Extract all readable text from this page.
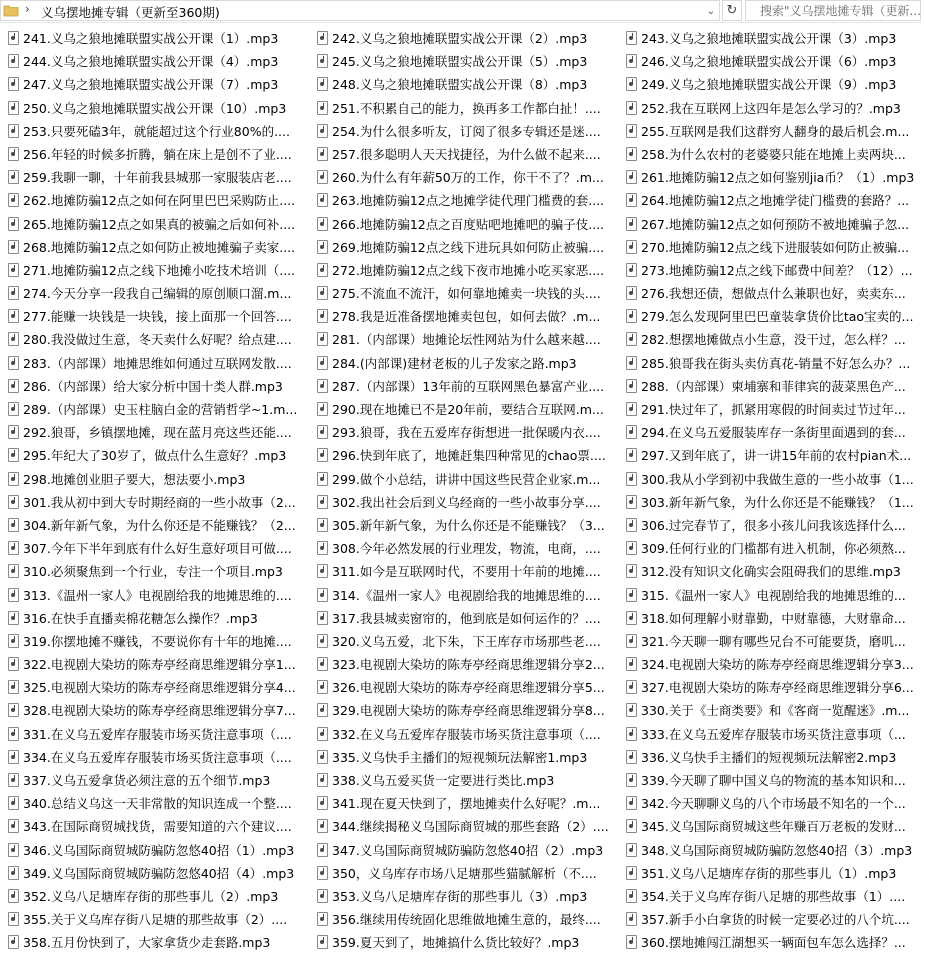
› 义乌摆地摊专辑（更新至360期)	⌄ ↻
搜索"义乌摆地摊专辑（更新...
241.义乌之狼地摊联盟实战公开课（1）.mp3
244.义乌之狼地摊联盟实战公开课（4）.mp3
247.义乌之狼地摊联盟实战公开课（7）.mp3
250.义乌之狼地摊联盟实战公开课（10）.mp3
253.只要死磕3年，就能超过这个行业80%的....
256.年轻的时候多折腾，躺在床上是创不了业....
259.我聊一聊，十年前我县城那一家服装店老....
262.地摊防骗12点之如何在阿里巴巴采购防止....
265.地摊防骗12点之如果真的被骗之后如何补....
268.地摊防骗12点之如何防止被地摊骗子卖家....
271.地摊防骗12点之线下地摊小吃技术培训（....
274.今天分享一段我自己编辑的原创顺口溜.m...
277.能赚一块钱是一块钱，接上面那一个回答....
280.我没做过生意，冬天卖什么好呢？给点建....
283.（内部课）地摊思维如何通过互联网发散....
286.（内部课）给大家分析中国十类人群.mp3
289.（内部课）史玉柱脑白金的营销哲学~1.m...
292.狼哥，乡镇摆地摊，现在蓝月亮这些还能....
295.年纪大了30岁了，做点什么生意好？.mp3
298.地摊创业胆子要大，想法要小.mp3
301.我从初中到大专时期经商的一些小故事（2...
304.新年新气象，为什么你还是不能赚钱？（2...
307.今年下半年到底有什么好生意好项目可做....
310.必须聚焦到一个行业，专注一个项目.mp3
313.《温州一家人》电视剧给我的地摊思维的....
316.在快手直播卖棉花糖怎么操作？.mp3
319.你摆地摊不赚钱，不要说你有十年的地摊....
322.电视剧大染坊的陈寿亭经商思维逻辑分享1...
325.电视剧大染坊的陈寿亭经商思维逻辑分享4...
328.电视剧大染坊的陈寿亭经商思维逻辑分享7...
331.在义乌五爱库存服装市场买货注意事项（....
334.在义乌五爱库存服装市场买货注意事项（....
337.义乌五爱拿货必须注意的五个细节.mp3
340.总结义乌这一天非常散的知识连成一个整....
343.在国际商贸城找货，需要知道的六个建议....
346.义乌国际商贸城防骗防忽悠40招（1）.mp3
349.义乌国际商贸城防骗防忽悠40招（4）.mp3
352.义乌八足塘库存街的那些事儿（2）.mp3
355.关于义乌库存街八足塘的那些故事（2）....
358.五月份快到了，大家拿货少走套路.mp3
242.义乌之狼地摊联盟实战公开课（2）.mp3
245.义乌之狼地摊联盟实战公开课（5）.mp3
248.义乌之狼地摊联盟实战公开课（8）.mp3
251.不积累自己的能力，换再多工作都白扯！....
254.为什么很多听友，订阅了很多专辑还是迷....
257.很多聪明人天天找捷径，为什么做不起来....
260.为什么有年薪50万的工作，你干不了？.m...
263.地摊防骗12点之地摊学徒代理门槛费的套....
266.地摊防骗12点之百度贴吧地摊吧的骗子伎....
269.地摊防骗12点之线下进玩具如何防止被骗....
272.地摊防骗12点之线下夜市地摊小吃买家恶....
275.不流血不流汗，如何靠地摊卖一块钱的头....
278.我是近准备摆地摊卖包包，如何去做？.m...
281.（内部课）地摊论坛性网站为什么越来越....
284.(内部课)建材老板的儿子发家之路.mp3
287.（内部课）13年前的互联网黑色暴富产业....
290.现在地摊已不是20年前，要结合互联网.m...
293.狼哥，我在五爱库存街想进一批保暖内衣....
296.快到年底了，地摊赶集四种常见的chao票....
299.做个小总结，讲讲中国这些民营企业家.m...
302.我出社会后到义乌经商的一些小故事分享....
305.新年新气象，为什么你还是不能赚钱？（3...
308.今年必然发展的行业理发，物流，电商，....
311.如今是互联网时代，不要用十年前的地摊....
314.《温州一家人》电视剧给我的地摊思维的....
317.我县城卖窗帘的，他到底是如何运作的？....
320.义乌五爱，北下朱，下王库存市场那些老....
323.电视剧大染坊的陈寿亭经商思维逻辑分享2...
326.电视剧大染坊的陈寿亭经商思维逻辑分享5...
329.电视剧大染坊的陈寿亭经商思维逻辑分享8...
332.在义乌五爱库存服装市场买货注意事项（....
335.义乌快手主播们的短视频玩法解密1.mp3
338.义乌五爱买货一定要进行类比.mp3
341.现在夏天快到了，摆地摊卖什么好呢？.m...
344.继续揭秘义乌国际商贸城的那些套路（2）....
347.义乌国际商贸城防骗防忽悠40招（2）.mp3
350，义乌库存市场八足塘那些猫腻解析（不....
353.义乌八足塘库存街的那些事儿（3）.mp3
356.继续用传统固化思维做地摊生意的，最终....
359.夏天到了，地摊搞什么货比较好？.mp3
243.义乌之狼地摊联盟实战公开课（3）.mp3
246.义乌之狼地摊联盟实战公开课（6）.mp3
249.义乌之狼地摊联盟实战公开课（9）.mp3
252.我在互联网上这四年是怎么学习的？.mp3
255.互联网是我们这群穷人翻身的最后机会.m...
258.为什么农村的老婆婆只能在地摊上卖两块...
261.地摊防骗12点之如何鉴别jia币？（1）.mp3
264.地摊防骗12点之地摊学徒门槛费的套路？...
267.地摊防骗12点之如何预防不被地摊骗子忽...
270.地摊防骗12点之线下进服装如何防止被骗...
273.地摊防骗12点之线下邮费中间差？（12）...
276.我想还债，想做点什么兼职也好，卖卖东...
279.怎么发现阿里巴巴童装拿货价比tao宝卖的...
282.想摆地摊做点小生意，没干过，怎么样？...
285.狼哥我在街头卖仿真花-销量不好怎么办？...
288.（内部课）柬埔寨和菲律宾的菠菜黑色产...
291.快过年了，抓紧用寒假的时间卖过节过年...
294.在义乌五爱服装库存一条街里面遇到的套...
297.又到年底了，讲一讲15年前的农村pian术...
300.我从小学到初中我做生意的一些小故事（1...
303.新年新气象，为什么你还是不能赚钱？（1...
306.过完春节了，很多小孩儿问我该选择什么...
309.任何行业的门槛都有进入机制，你必须熬...
312.没有知识文化确实会阻碍我们的思维.mp3
315.《温州一家人》电视剧给我的地摊思维的...
318.如何理解小财靠勤，中财靠德，大财靠命...
321.今天聊一聊有哪些兄台不可能要货，磨叽...
324.电视剧大染坊的陈寿亭经商思维逻辑分享3...
327.电视剧大染坊的陈寿亭经商思维逻辑分享6...
330.关于《士商类要》和《客商一览醒迷》.m...
333.在义乌五爱库存服装市场买货注意事项（...
336.义乌快手主播们的短视频玩法解密2.mp3
339.今天聊了聊中国义乌的物流的基本知识和...
342.今天聊聊义乌的八个市场最不知名的一个...
345.义乌国际商贸城这些年赚百万老板的发财...
348.义乌国际商贸城防骗防忽悠40招（3）.mp3
351.义乌八足塘库存街的那些事儿（1）.mp3
354.关于义乌库存街八足塘的那些故事（1）....
357.新手小白拿货的时候一定要必过的八个坑....
360.摆地摊闯江湖想买一辆面包车怎么选择？...
